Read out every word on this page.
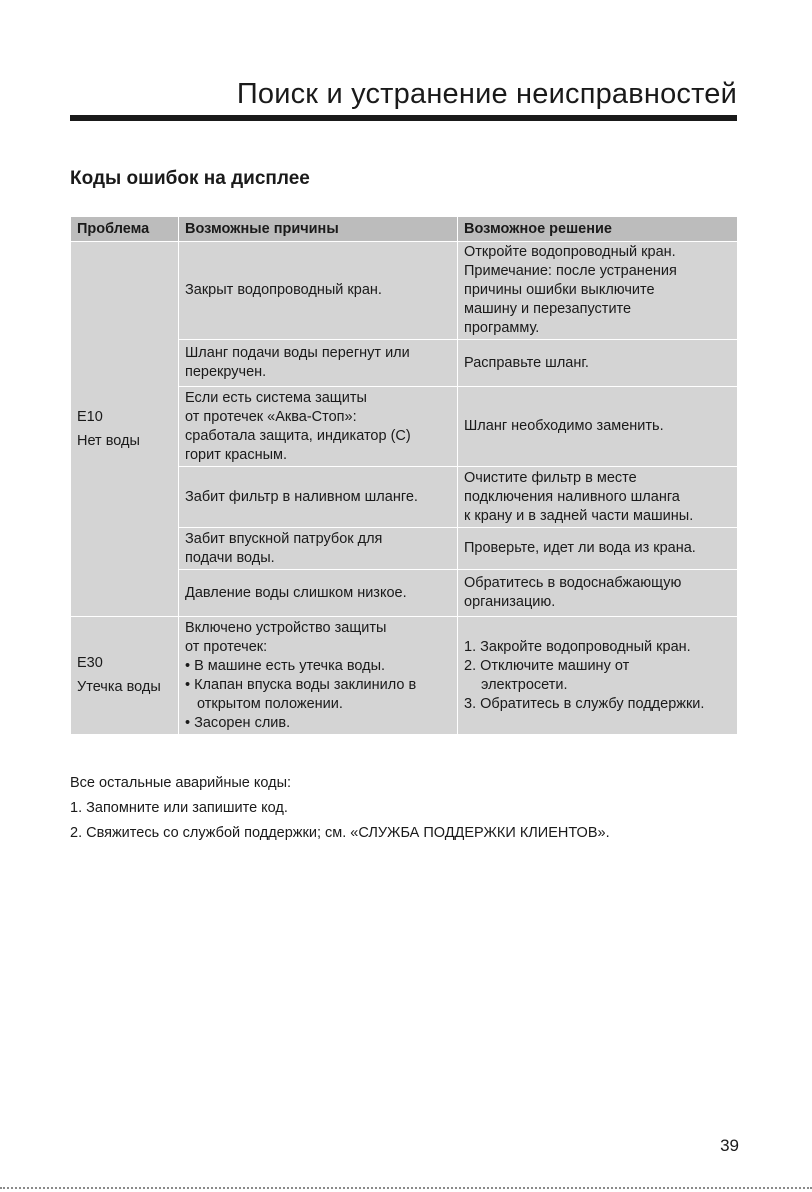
Поиск и устранение неисправностей
Коды ошибок на дисплее
Проблема	Возможные причины	Возможное решение

E10
Нет воды	Закрыт водопроводный кран.	Откройте водопроводный кран.
Примечание: после устранения
причины ошибки выключите
машину и перезапустите
программу.
	Шланг подачи воды перегнут или
перекручен.	Расправьте шланг.
	Если есть система защиты
от протечек «Аква-Стоп»:
сработала защита, индикатор (С)
горит красным.	Шланг необходимо заменить.
	Забит фильтр в наливном шланге.	Очистите фильтр в месте
подключения наливного шланга
к крану и в задней части машины.
	Забит впускной патрубок для
подачи воды.	Проверьте, идет ли вода из крана.
	Давление воды слишком низкое.	Обратитесь в водоснабжающую
организацию.

E30
Утечка воды	Включено устройство защиты
от протечек:
• В машине есть утечка воды.
• Клапан впуска воды заклинило в открытом положении.
• Засорен слив.	1. Закройте водопроводный кран.
2. Отключите машину от электросети.
3. Обратитесь в службу поддержки.
Все остальные аварийные коды:
1. Запомните или запишите код.
2. Свяжитесь со службой поддержки; см. «СЛУЖБА ПОДДЕРЖКИ КЛИЕНТОВ».
39
